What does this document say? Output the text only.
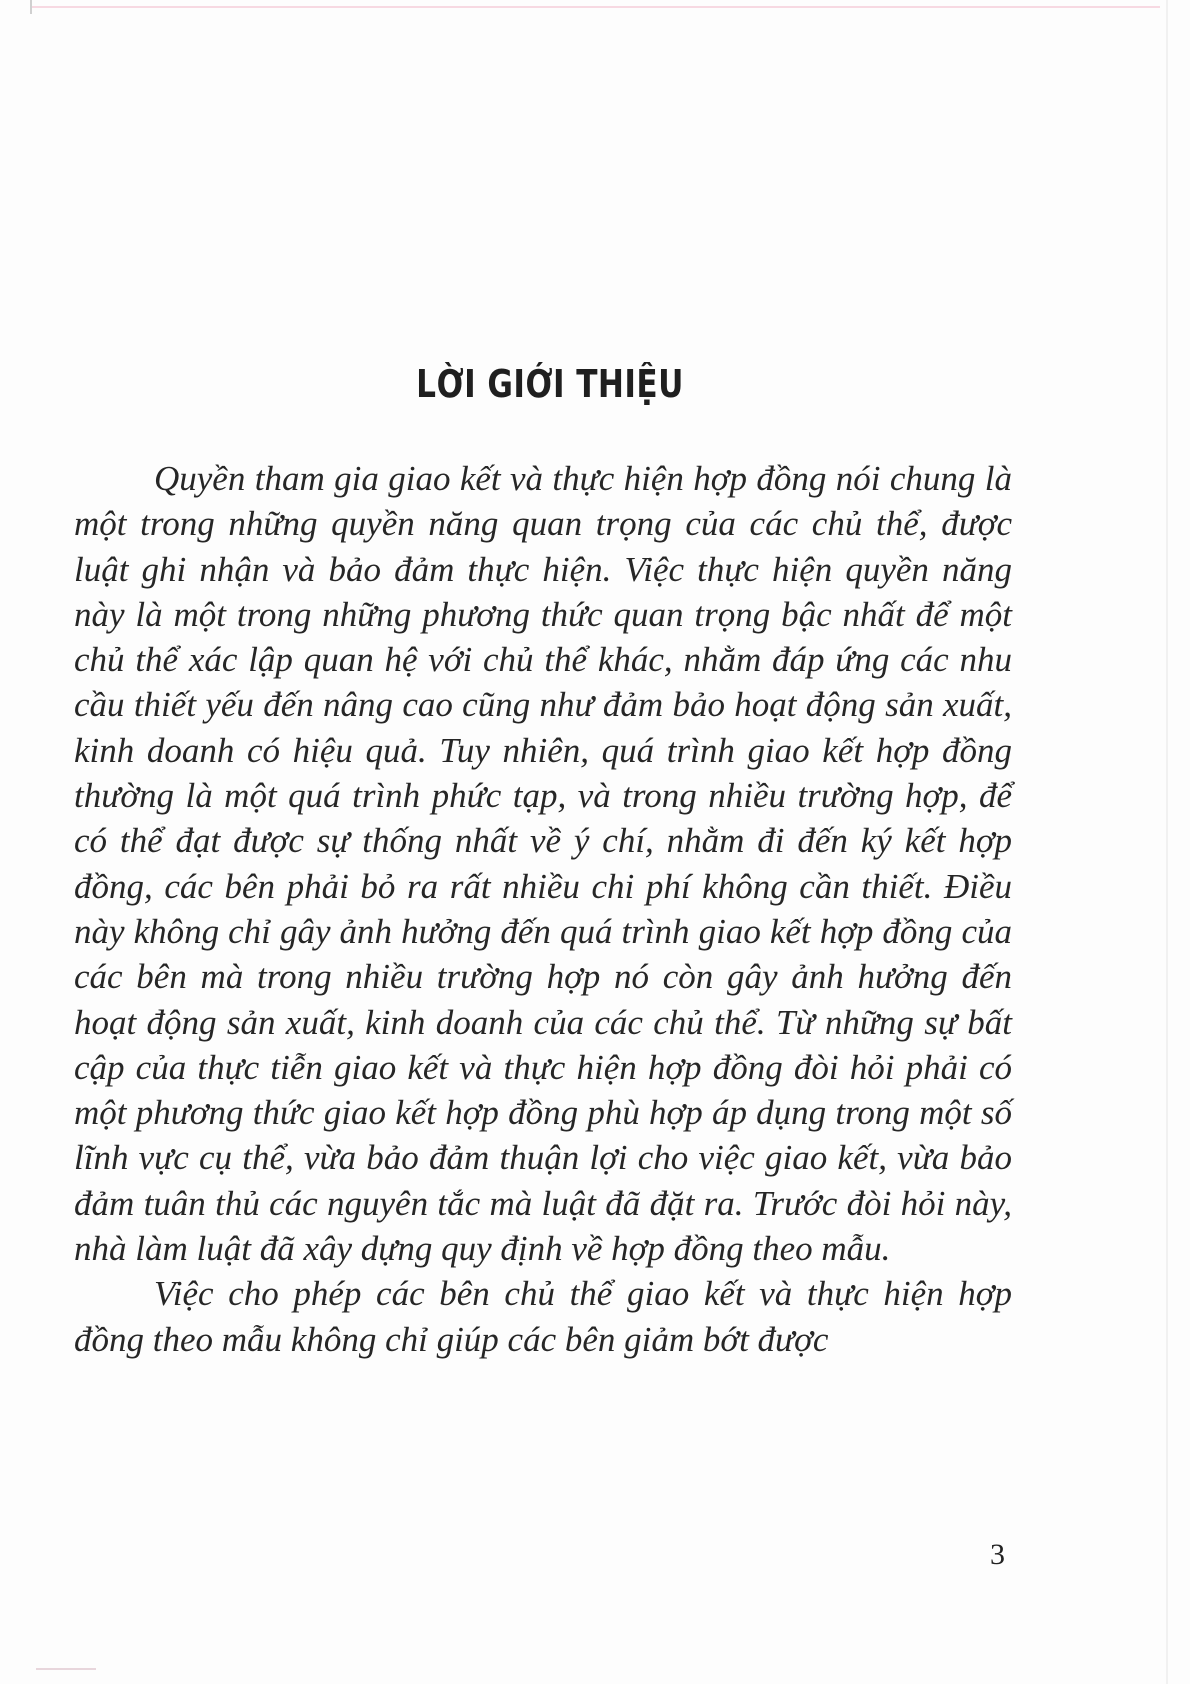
LỜI GIỚI THIỆU

Quyền tham gia giao kết và thực hiện hợp đồng nói chung là một trong những quyền năng quan trọng của các chủ thể, được luật ghi nhận và bảo đảm thực hiện. Việc thực hiện quyền năng này là một trong những phương thức quan trọng bậc nhất để một chủ thể xác lập quan hệ với chủ thể khác, nhằm đáp ứng các nhu cầu thiết yếu đến nâng cao cũng như đảm bảo hoạt động sản xuất, kinh doanh có hiệu quả. Tuy nhiên, quá trình giao kết hợp đồng thường là một quá trình phức tạp, và trong nhiều trường hợp, để có thể đạt được sự thống nhất về ý chí, nhằm đi đến ký kết hợp đồng, các bên phải bỏ ra rất nhiều chi phí không cần thiết. Điều này không chỉ gây ảnh hưởng đến quá trình giao kết hợp đồng của các bên mà trong nhiều trường hợp nó còn gây ảnh hưởng đến hoạt động sản xuất, kinh doanh của các chủ thể. Từ những sự bất cập của thực tiễn giao kết và thực hiện hợp đồng đòi hỏi phải có một phương thức giao kết hợp đồng phù hợp áp dụng trong một số lĩnh vực cụ thể, vừa bảo đảm thuận lợi cho việc giao kết, vừa bảo đảm tuân thủ các nguyên tắc mà luật đã đặt ra. Trước đòi hỏi này, nhà làm luật đã xây dựng quy định về hợp đồng theo mẫu.

Việc cho phép các bên chủ thể giao kết và thực hiện hợp đồng theo mẫu không chỉ giúp các bên giảm bớt được

3
